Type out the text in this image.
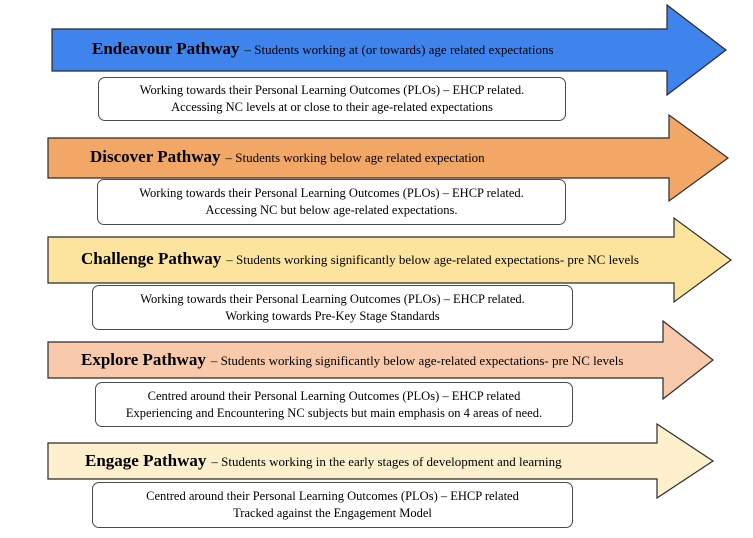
Endeavour Pathway – Students working at (or towards) age related expectations
Working towards their Personal Learning Outcomes (PLOs) – EHCP related.
Accessing NC levels at or close to their age-related expectations
Discover Pathway – Students working below age related expectation
Working towards their Personal Learning Outcomes (PLOs) – EHCP related.
Accessing NC but below age-related expectations.
Challenge Pathway – Students working significantly below age-related expectations- pre NC levels
Working towards their Personal Learning Outcomes (PLOs) – EHCP related.
Working towards Pre-Key Stage Standards
Explore Pathway – Students working significantly below age-related expectations- pre NC levels
Centred around their Personal Learning Outcomes (PLOs) – EHCP related
Experiencing and Encountering NC subjects but main emphasis on 4 areas of need.
Engage Pathway – Students working in the early stages of development and learning
Centred around their Personal Learning Outcomes (PLOs) – EHCP related
Tracked against the Engagement Model
